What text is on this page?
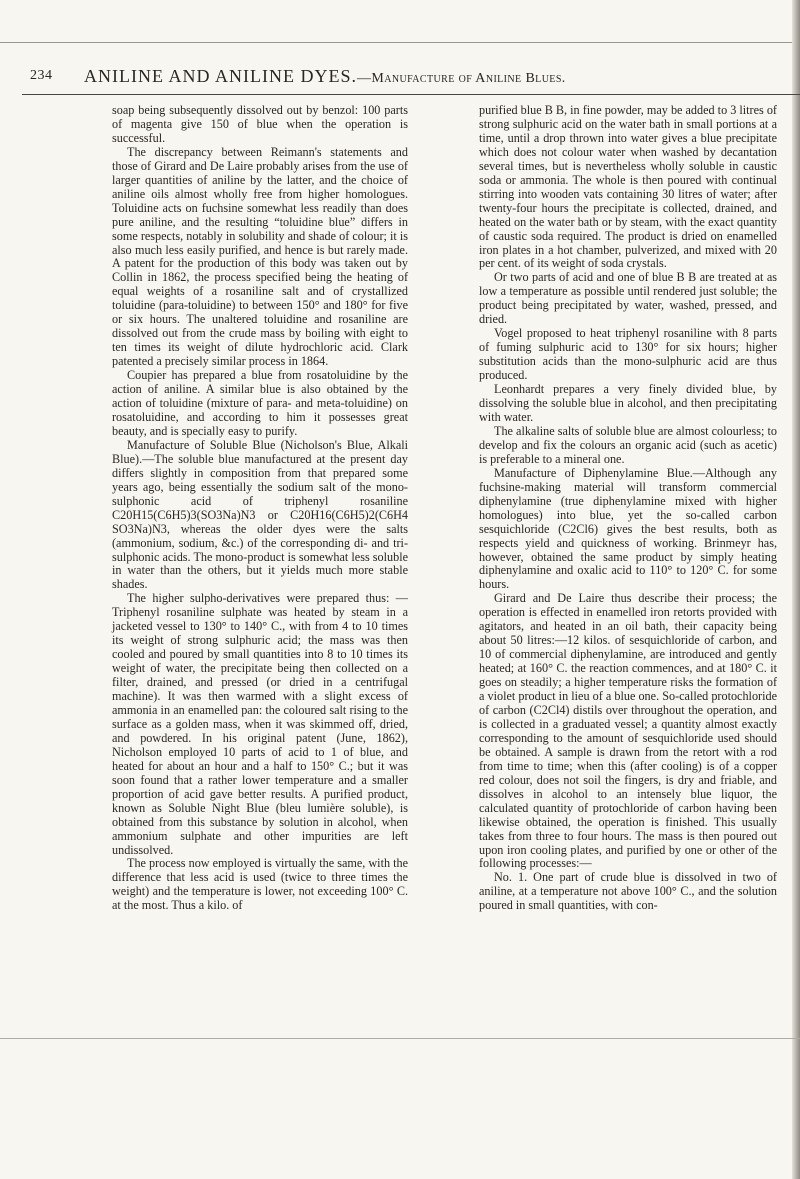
234 ANILINE AND ANILINE DYES.—Manufacture of Aniline Blues.

soap being subsequently dissolved out by benzol: 100 parts of magenta give 150 of blue when the operation is successful.

The discrepancy between Reimann's statements and those of Girard and De Laire probably arises from the use of larger quantities of aniline by the latter, and the choice of aniline oils almost wholly free from higher homologues. Toluidine acts on fuchsine somewhat less readily than does pure aniline, and the resulting “toluidine blue” differs in some respects, notably in solubility and shade of colour; it is also much less easily purified, and hence is but rarely made. A patent for the production of this body was taken out by Collin in 1862, the process specified being the heating of equal weights of a rosaniline salt and of crystallized toluidine (para-toluidine) to between 150° and 180° for five or six hours. The unaltered toluidine and rosaniline are dissolved out from the crude mass by boiling with eight to ten times its weight of dilute hydrochloric acid. Clark patented a precisely similar process in 1864.

Coupier has prepared a blue from rosatoluidine by the action of aniline. A similar blue is also obtained by the action of toluidine (mixture of para- and meta-toluidine) on rosatoluidine, and according to him it possesses great beauty, and is specially easy to purify.

Manufacture of Soluble Blue (Nicholson's Blue, Alkali Blue).—The soluble blue manufactured at the present day differs slightly in composition from that prepared some years ago, being essentially the sodium salt of the mono-sulphonic acid of triphenyl rosaniline C20H15(C6H5)3(SO3Na)N3 or C20H16(C6H5)2(C6H4 SO3Na)N3, whereas the older dyes were the salts (ammonium, sodium, &c.) of the corresponding di- and tri- sulphonic acids. The mono-product is somewhat less soluble in water than the others, but it yields much more stable shades.

The higher sulpho-derivatives were prepared thus: —Triphenyl rosaniline sulphate was heated by steam in a jacketed vessel to 130° to 140° C., with from 4 to 10 times its weight of strong sulphuric acid; the mass was then cooled and poured by small quantities into 8 to 10 times its weight of water, the precipitate being then collected on a filter, drained, and pressed (or dried in a centrifugal machine). It was then warmed with a slight excess of ammonia in an enamelled pan: the coloured salt rising to the surface as a golden mass, when it was skimmed off, dried, and powdered. In his original patent (June, 1862), Nicholson employed 10 parts of acid to 1 of blue, and heated for about an hour and a half to 150° C.; but it was soon found that a rather lower temperature and a smaller proportion of acid gave better results. A purified product, known as Soluble Night Blue (bleu lumière soluble), is obtained from this substance by solution in alcohol, when ammonium sulphate and other impurities are left undissolved.

The process now employed is virtually the same, with the difference that less acid is used (twice to three times the weight) and the temperature is lower, not exceeding 100° C. at the most. Thus a kilo. of

purified blue B B, in fine powder, may be added to 3 litres of strong sulphuric acid on the water bath in small portions at a time, until a drop thrown into water gives a blue precipitate which does not colour water when washed by decantation several times, but is nevertheless wholly soluble in caustic soda or ammonia. The whole is then poured with continual stirring into wooden vats containing 30 litres of water; after twenty-four hours the precipitate is collected, drained, and heated on the water bath or by steam, with the exact quantity of caustic soda required. The product is dried on enamelled iron plates in a hot chamber, pulverized, and mixed with 20 per cent. of its weight of soda crystals.

Or two parts of acid and one of blue B B are treated at as low a temperature as possible until rendered just soluble; the product being precipitated by water, washed, pressed, and dried.

Vogel proposed to heat triphenyl rosaniline with 8 parts of fuming sulphuric acid to 130° for six hours; higher substitution acids than the mono-sulphuric acid are thus produced.

Leonhardt prepares a very finely divided blue, by dissolving the soluble blue in alcohol, and then precipitating with water.

The alkaline salts of soluble blue are almost colourless; to develop and fix the colours an organic acid (such as acetic) is preferable to a mineral one.

Manufacture of Diphenylamine Blue.—Although any fuchsine-making material will transform commercial diphenylamine (true diphenylamine mixed with higher homologues) into blue, yet the so-called carbon sesquichloride (C2Cl6) gives the best results, both as respects yield and quickness of working. Brinmeyr has, however, obtained the same product by simply heating diphenylamine and oxalic acid to 110° to 120° C. for some hours.

Girard and De Laire thus describe their process; the operation is effected in enamelled iron retorts provided with agitators, and heated in an oil bath, their capacity being about 50 litres:—12 kilos. of sesquichloride of carbon, and 10 of commercial diphenylamine, are introduced and gently heated; at 160° C. the reaction commences, and at 180° C. it goes on steadily; a higher temperature risks the formation of a violet product in lieu of a blue one. So-called protochloride of carbon (C2Cl4) distils over throughout the operation, and is collected in a graduated vessel; a quantity almost exactly corresponding to the amount of sesquichloride used should be obtained. A sample is drawn from the retort with a rod from time to time; when this (after cooling) is of a copper red colour, does not soil the fingers, is dry and friable, and dissolves in alcohol to an intensely blue liquor, the calculated quantity of protochloride of carbon having been likewise obtained, the operation is finished. This usually takes from three to four hours. The mass is then poured out upon iron cooling plates, and purified by one or other of the following processes:—

No. 1. One part of crude blue is dissolved in two of aniline, at a temperature not above 100° C., and the solution poured in small quantities, with con-
